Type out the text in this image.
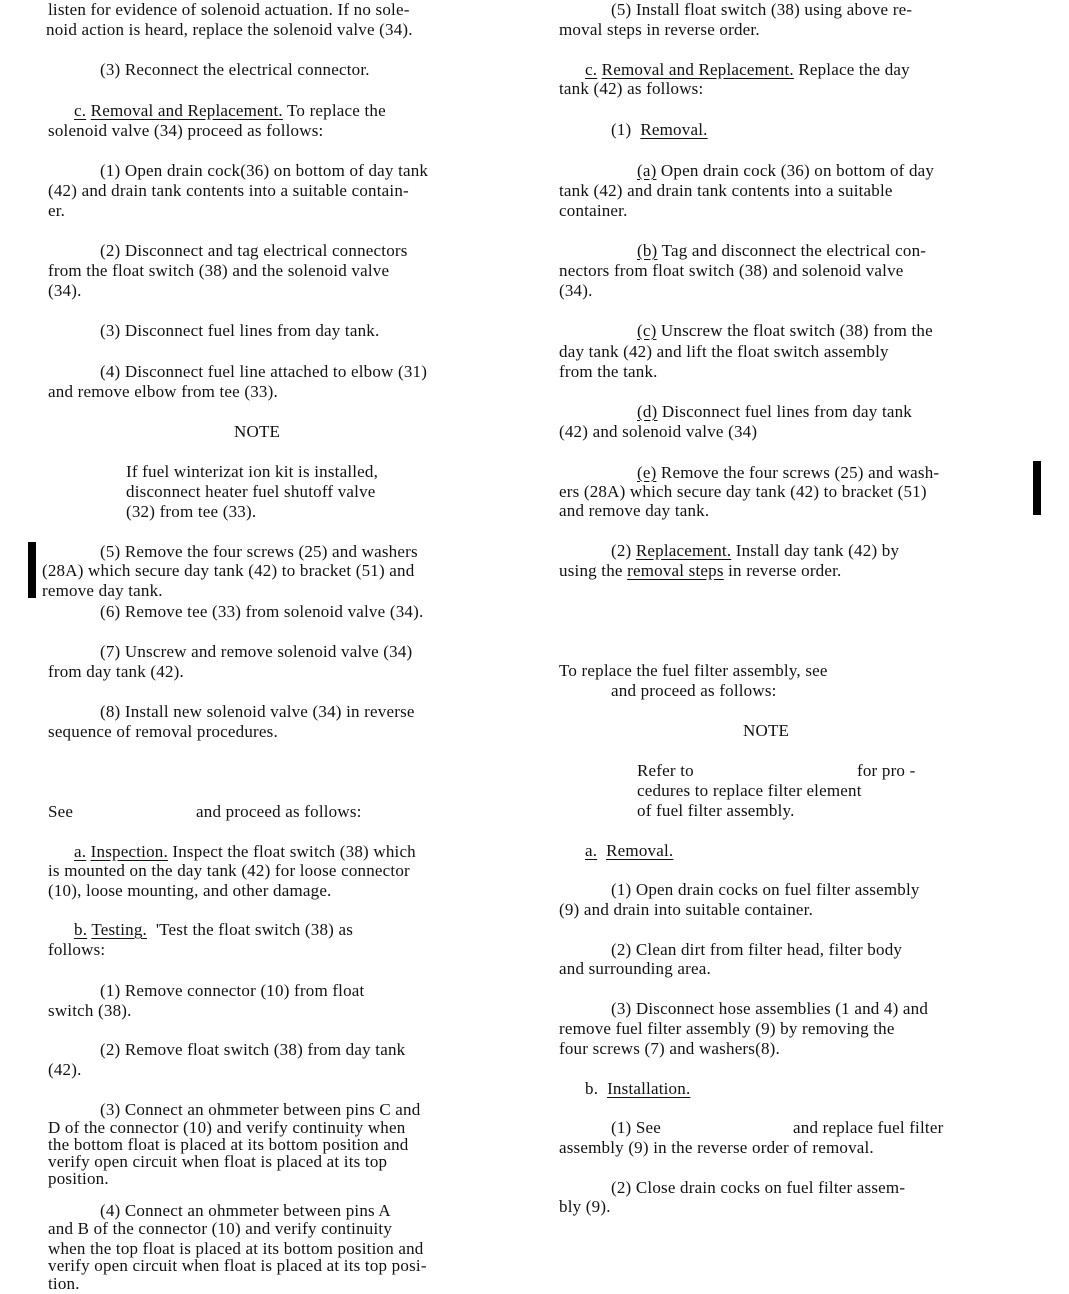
listen for evidence of solenoid actuation. If no sole-
noid action is heard, replace the solenoid valve (34).
(3) Reconnect the electrical connector.
c. Removal and Replacement. To replace the
solenoid valve (34) proceed as follows:
(1) Open drain cock(36) on bottom of day tank
(42) and drain tank contents into a suitable contain-
er.
(2) Disconnect and tag electrical connectors
from the float switch (38) and the solenoid valve
(34).
(3) Disconnect fuel lines from day tank.
(4) Disconnect fuel line attached to elbow (31)
and remove elbow from tee (33).
NOTE
If fuel winterizat ion kit is installed,
disconnect heater fuel shutoff valve
(32) from tee (33).
(5) Remove the four screws (25) and washers
(28A) which secure day tank (42) to bracket (51) and
remove day tank.
(6) Remove tee (33) from solenoid valve (34).
(7) Unscrew and remove solenoid valve (34)
from day tank (42).
(8) Install new solenoid valve (34) in reverse
sequence of removal procedures.
See	and proceed as follows:
a. Inspection. Inspect the float switch (38) which
is mounted on the day tank (42) for loose connector
(10), loose mounting, and other damage.
b. Testing.  'Test the float switch (38) as
follows:
(1) Remove connector (10) from float
switch (38).
(2) Remove float switch (38) from day tank
(42).
(3) Connect an ohmmeter between pins C and
D of the connector (10) and verify continuity when
the bottom float is placed at its bottom position and
verify open circuit when float is placed at its top
position.
(4) Connect an ohmmeter between pins A
and B of the connector (10) and verify continuity
when the top float is placed at its bottom position and
verify open circuit when float is placed at its top posi-
tion.
(5) Install float switch (38) using above re-
moval steps in reverse order.
c. Removal and Replacement. Replace the day
tank (42) as follows:
(1) Removal.
(a) Open drain cock (36) on bottom of day
tank (42) and drain tank contents into a suitable
container.
(b) Tag and disconnect the electrical con-
nectors from float switch (38) and solenoid valve
(34).
(c) Unscrew the float switch (38) from the
day tank (42) and lift the float switch assembly
from the tank.
(d) Disconnect fuel lines from day tank
(42) and solenoid valve (34)
(e) Remove the four screws (25) and wash-
ers (28A) which secure day tank (42) to bracket (51)
and remove day tank.
(2) Replacement. Install day tank (42) by
using the removal steps in reverse order.
To replace the fuel filter assembly, see
and proceed as follows:
NOTE
Refer to	for pro -
cedures to replace filter element
of fuel filter assembly.
a. Removal.
(1) Open drain cocks on fuel filter assembly
(9) and drain into suitable container.
(2) Clean dirt from filter head, filter body
and surrounding area.
(3) Disconnect hose assemblies (1 and 4) and
remove fuel filter assembly (9) by removing the
four screws (7) and washers(8).
b. Installation.
(1) See	and replace fuel filter
assembly (9) in the reverse order of removal.
(2) Close drain cocks on fuel filter assem-
bly (9).
